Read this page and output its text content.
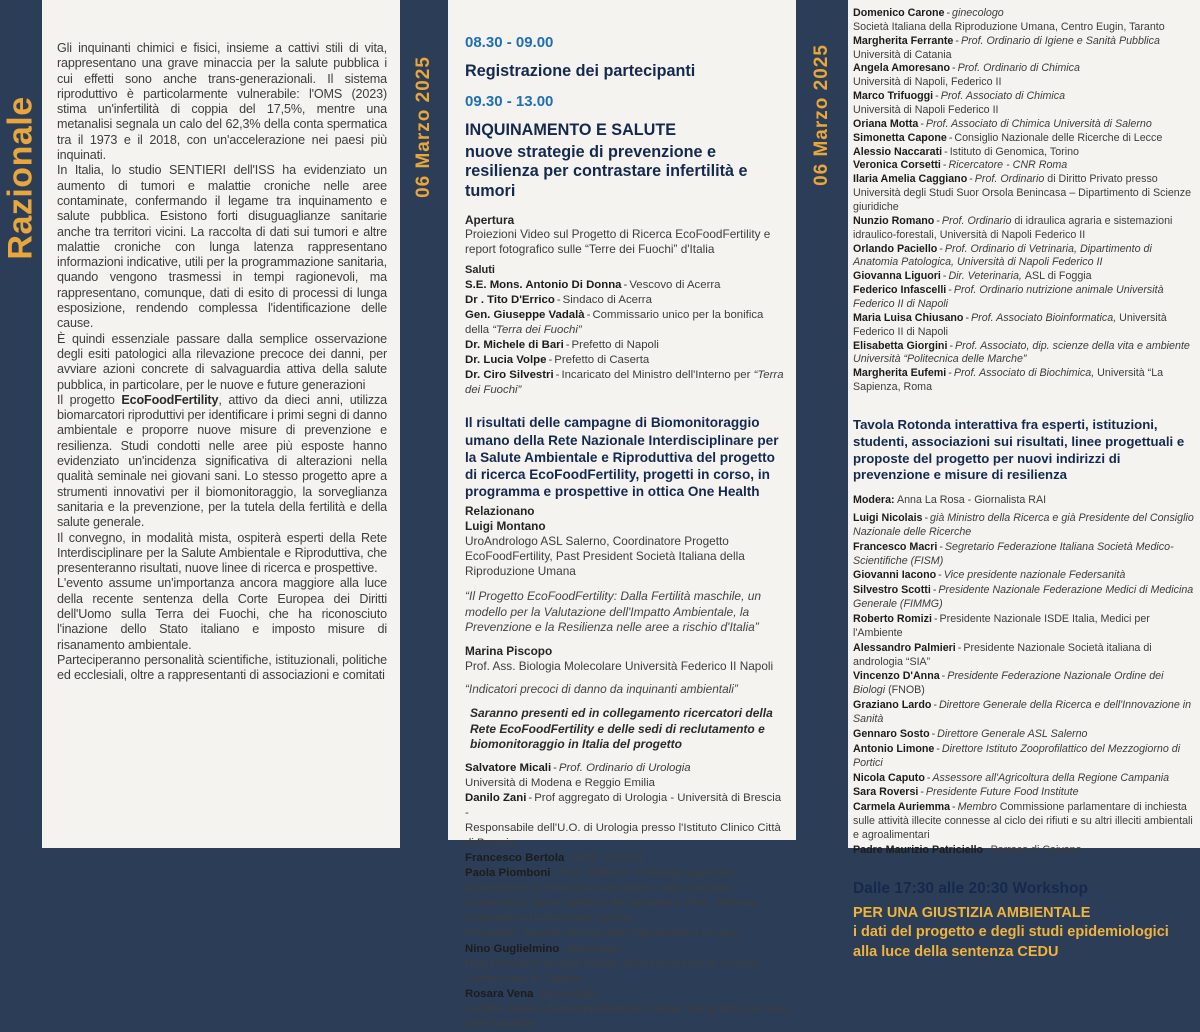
Razionale

Gli inquinanti chimici e fisici, insieme a cattivi stili di vita, rappresentano una grave minaccia per la salute pubblica i cui effetti sono anche trans-generazionali. Il sistema riproduttivo è particolarmente vulnerabile: l'OMS (2023) stima un'infertilità di coppia del 17,5%, mentre una metanalisi segnala un calo del 62,3% della conta spermatica tra il 1973 e il 2018, con un'accelerazione nei paesi più inquinati.

In Italia, lo studio SENTIERI dell'ISS ha evidenziato un aumento di tumori e malattie croniche nelle aree contaminate, confermando il legame tra inquinamento e salute pubblica. Esistono forti disuguaglianze sanitarie anche tra territori vicini. La raccolta di dati sui tumori e altre malattie croniche con lunga latenza rappresentano informazioni indicative, utili per la programmazione sanitaria, quando vengono trasmessi in tempi ragionevoli, ma rappresentano, comunque, dati di esito di processi di lunga esposizione, rendendo complessa l'identificazione delle cause.

È quindi essenziale passare dalla semplice osservazione degli esiti patologici alla rilevazione precoce dei danni, per avviare azioni concrete di salvaguardia attiva della salute pubblica, in particolare, per le nuove e future generazioni

Il progetto EcoFoodFertility, attivo da dieci anni, utilizza biomarcatori riproduttivi per identificare i primi segni di danno ambientale e proporre nuove misure di prevenzione e resilienza. Studi condotti nelle aree più esposte hanno evidenziato un'incidenza significativa di alterazioni nella qualità seminale nei giovani sani. Lo stesso progetto apre a strumenti innovativi per il biomonitoraggio, la sorveglianza sanitaria e la prevenzione, per la tutela della fertilità e della salute generale.

Il convegno, in modalità mista, ospiterà esperti della Rete Interdisciplinare per la Salute Ambientale e Riproduttiva, che presenteranno risultati, nuove linee di ricerca e prospettive.

L'evento assume un'importanza ancora maggiore alla luce della recente sentenza della Corte Europea dei Diritti dell'Uomo sulla Terra dei Fuochi, che ha riconosciuto l'inazione dello Stato italiano e imposto misure di risanamento ambientale.

Parteciperanno personalità scientifiche, istituzionali, politiche ed ecclesiali, oltre a rappresentanti di associazioni e comitati

06 Marzo 2025

08.30 - 09.00

Registrazione dei partecipanti

09.30 - 13.00

INQUINAMENTO E SALUTE

nuove strategie di prevenzione e resilienza per contrastare infertilità e tumori

Apertura

Proiezioni Video sul Progetto di Ricerca EcoFoodFertility e report fotografico sulle “Terre dei Fuochi” d'Italia

Saluti

S.E. Mons. Antonio Di Donna - Vescovo di Acerra
Dr . Tito D'Errico - Sindaco di Acerra
Gen. Giuseppe Vadalà - Commissario unico per la bonifica della “Terra dei Fuochi”
Dr. Michele di Bari - Prefetto di Napoli
Dr. Lucia Volpe - Prefetto di Caserta
Dr. Ciro Silvestri - Incaricato del Ministro dell'Interno per “Terra dei Fuochi”

Il risultati delle campagne di Biomonitoraggio umano della Rete Nazionale Interdisciplinare per la Salute Ambientale e Riproduttiva del progetto di ricerca EcoFoodFertility, progetti in corso, in programma e prospettive in ottica One Health

Relazionano

Luigi Montano

UroAndrologo ASL Salerno, Coordinatore Progetto EcoFoodFertility, Past President Società Italiana della Riproduzione Umana

“Il Progetto EcoFoodFertility: Dalla Fertilità maschile, un modello per la Valutazione dell'Impatto Ambientale, la Prevenzione e la Resilienza nelle aree a rischio d'Italia”

Marina Piscopo

Prof. Ass. Biologia Molecolare Università Federico II Napoli

“Indicatori precoci di danno da inquinanti ambientali”

Saranno presenti ed in collegamento ricercatori della Rete EcoFoodFertility e delle sedi di reclutamento e biomonitoraggio in Italia del progetto

Salvatore Micali - Prof. Ordinario di Urologia
Università di Modena e Reggio Emilia
Danilo Zani - Prof aggregato di Urologia - Università di Brescia -
Responsabile dell'U.O. di Urologia presso l'Istituto Clinico Città di Brescia
Francesco Bertola - ISDE Vicenza
Paola Piomboni - Prof. ordinario di Biologia applicata
Dipartimento di Medicina molecolare e dello Sviluppo - Università di Siena Direttore del laboratorio PMA, Azienda Ospedaliera Universitaria Senese
Presidente Società Italiana della Riproduzione Umana
Nino Guglielmino - ginecologo
Past President Società Italiana della Riproduzione Umana, Centro Hera di Catania
Rosara Vena - ginecologa
Società Italiana della Riproduzione Umana, Gangi (PA) per area delle Madonie
06 Marzo 2025
Domenico Carone - ginecologo
Società Italiana della Riproduzione Umana, Centro Eugin, Taranto
Margherita Ferrante - Prof. Ordinario di Igiene e Sanità Pubblica
Università di Catania
Angela Amoresano - Prof. Ordinario di Chimica
Università di Napoli, Federico II
Marco Trifuoggi - Prof. Associato di Chimica
Università di Napoli Federico II
Oriana Motta - Prof. Associato di Chimica Università di Salerno
Simonetta Capone - Consiglio Nazionale delle Ricerche di Lecce
Alessio Naccarati - Istituto di Genomica, Torino
Veronica Corsetti - Ricercatore - CNR Roma
Ilaria Amelia Caggiano - Prof. Ordinario di Diritto Privato presso Università degli Studi Suor Orsola Benincasa – Dipartimento di Scienze giuridiche
Nunzio Romano - Prof. Ordinario di idraulica agraria e sistemazioni idraulico-forestali, Università di Napoli Federico II
Orlando Paciello - Prof. Ordinario di Vetrinaria, Dipartimento di Anatomia Patologica, Università di Napoli Federico II
Giovanna Liguori - Dir. Veterinaria, ASL di Foggia
Federico Infascelli - Prof. Ordinario nutrizione animale Università Federico II di Napoli
Maria Luisa Chiusano - Prof. Associato Bioinformatica, Università Federico II di Napoli
Elisabetta Giorgini - Prof. Associato, dip. scienze della vita e ambiente Università “Politecnica delle Marche”
Margherita Eufemi - Prof. Associato di Biochimica, Università “La Sapienza, Roma

Tavola Rotonda interattiva fra esperti, istituzioni, studenti, associazioni sui risultati, linee progettuali e proposte del progetto per nuovi indirizzi di prevenzione e misure di resilienza

Modera: Anna La Rosa - Giornalista RAI

Luigi Nicolais - già Ministro della Ricerca e già Presidente del Consiglio Nazionale delle Ricerche
Francesco Macri - Segretario Federazione Italiana Società Medico-Scientifiche (FISM)
Giovanni Iacono - Vice presidente nazionale Federsanità
Silvestro Scotti - Presidente Nazionale Federazione Medici di Medicina Generale (FIMMG)
Roberto Romizi - Presidente Nazionale ISDE Italia, Medici per l'Ambiente
Alessandro Palmieri - Presidente Nazionale Società italiana di andrologia “SIA”
Vincenzo D'Anna - Presidente Federazione Nazionale Ordine dei Biologi (FNOB)
Graziano Lardo - Direttore Generale della Ricerca e dell'Innovazione in Sanità
Gennaro Sosto - Direttore Generale ASL Salerno
Antonio Limone - Direttore Istituto Zooprofilattico del Mezzogiorno di Portici
Nicola Caputo - Assessore all'Agricoltura della Regione Campania
Sara Roversi - Presidente Future Food Institute
Carmela Auriemma - Membro Commissione parlamentare di inchiesta sulle attività illecite connesse al ciclo dei rifiuti e su altri illeciti ambientali e agroalimentari
Padre Maurizio Patriciello - Parroco di Caivano

Dalle 17:30 alle 20:30 Workshop

PER UNA GIUSTIZIA AMBIENTALE

i dati del progetto e degli studi epidemiologici alla luce della sentenza CEDU
